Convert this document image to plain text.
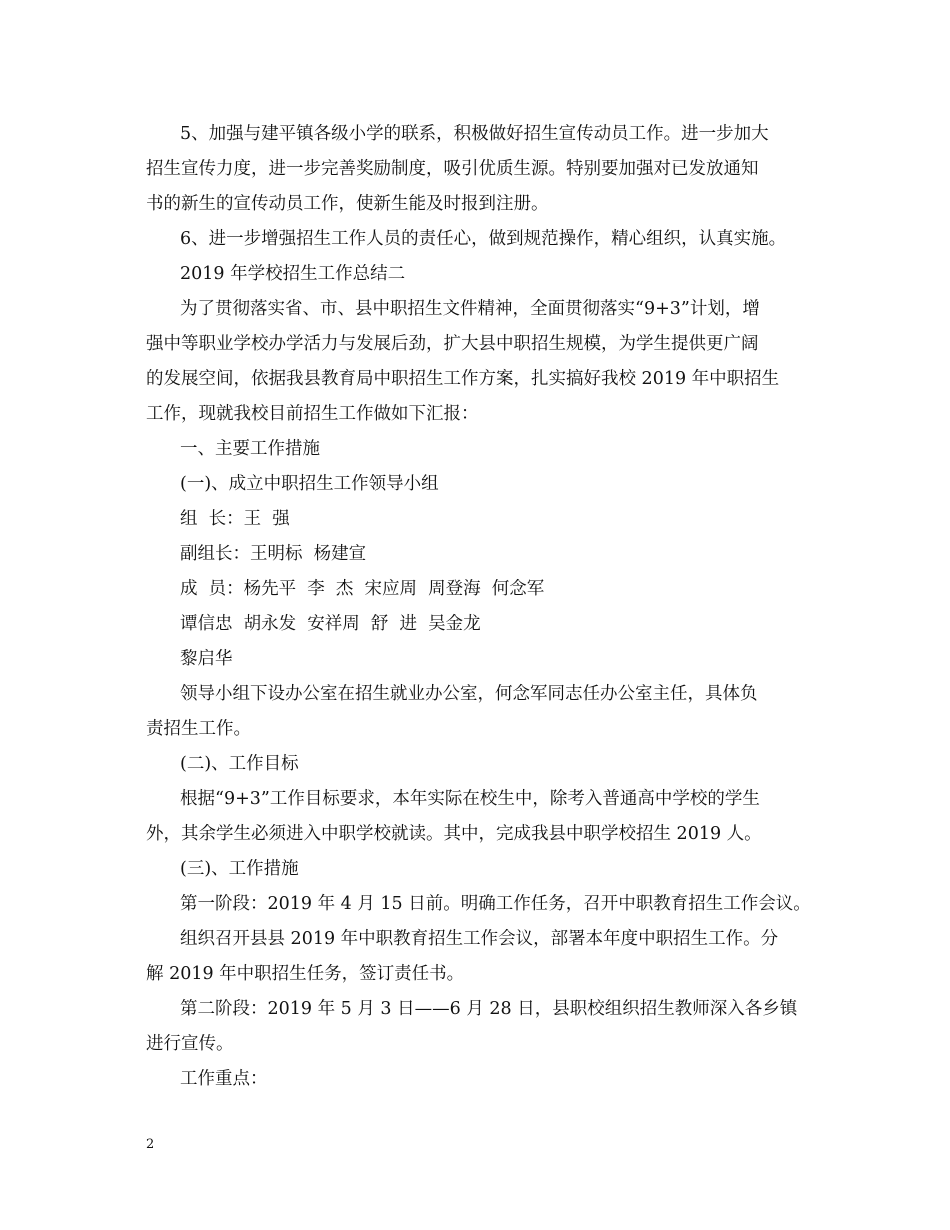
5、加强与建平镇各级小学的联系，积极做好招生宣传动员工作。进一步加大
招生宣传力度，进一步完善奖励制度，吸引优质生源。特别要加强对已发放通知
书的新生的宣传动员工作，使新生能及时报到注册。
6、进一步增强招生工作人员的责任心，做到规范操作，精心组织，认真实施。
2019 年学校招生工作总结二
为了贯彻落实省、市、县中职招生文件精神，全面贯彻落实“9+3”计划，增
强中等职业学校办学活力与发展后劲，扩大县中职招生规模，为学生提供更广阔
的发展空间，依据我县教育局中职招生工作方案，扎实搞好我校 2019 年中职招生
工作，现就我校目前招生工作做如下汇报：
一、主要工作措施
(一)、成立中职招生工作领导小组
组  长：王  强
副组长：王明标  杨建宣
成  员：杨先平  李  杰  宋应周  周登海  何念军
谭信忠  胡永发  安祥周  舒  进  吴金龙
黎启华
领导小组下设办公室在招生就业办公室，何念军同志任办公室主任，具体负
责招生工作。
(二)、工作目标
根据“9+3”工作目标要求，本年实际在校生中，除考入普通高中学校的学生
外，其余学生必须进入中职学校就读。其中，完成我县中职学校招生 2019 人。
(三)、工作措施
第一阶段：2019 年 4 月 15 日前。明确工作任务，召开中职教育招生工作会议。
组织召开县县 2019 年中职教育招生工作会议，部署本年度中职招生工作。分
解 2019 年中职招生任务，签订责任书。
第二阶段：2019 年 5 月 3 日——6 月 28 日，县职校组织招生教师深入各乡镇
进行宣传。
工作重点：
2
